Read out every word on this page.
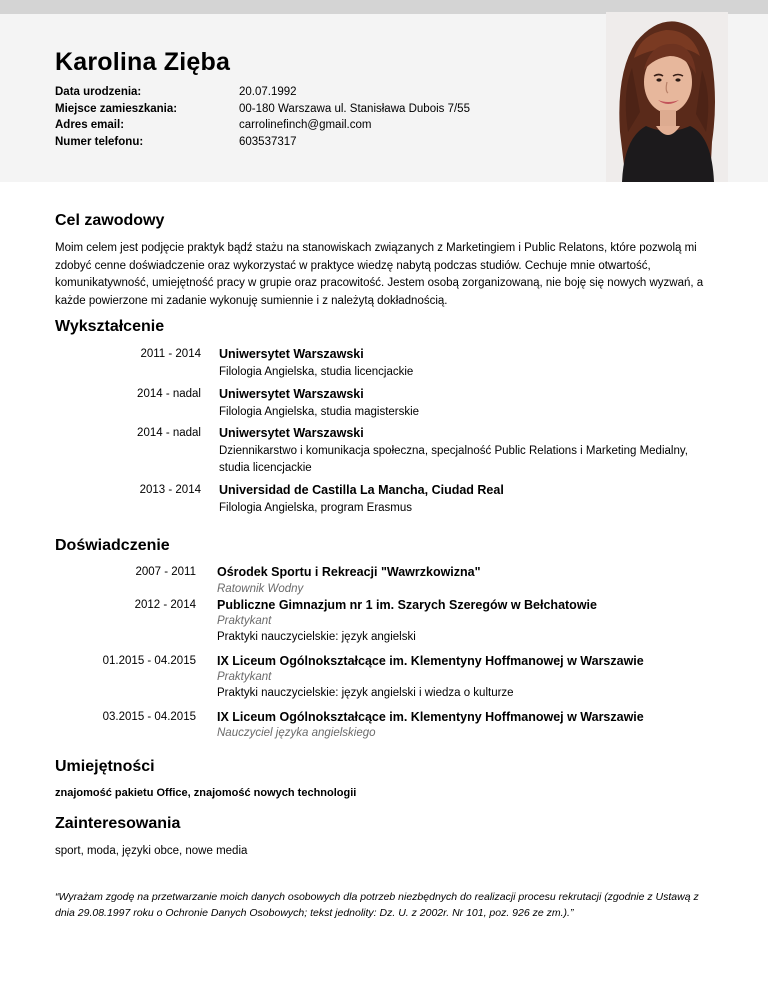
Karolina Zięba
Data urodzenia:
Miejsce zamieszkania:
Adres email:
Numer telefonu:
20.07.1992
00-180 Warszawa ul. Stanisława Dubois 7/55
carrolinefinch@gmail.com
603537317
Cel zawodowy
Moim celem jest podjęcie praktyk bądź stażu na stanowiskach związanych z Marketingiem i Public Relatons, które pozwolą mi zdobyć cenne doświadczenie oraz wykorzystać w praktyce wiedzę nabytą podczas studiów. Cechuje mnie otwartość, komunikatywność, umiejętność pracy w grupie oraz pracowitość. Jestem osobą zorganizowaną, nie boję się nowych wyzwań, a każde powierzone mi zadanie wykonuję sumiennie i z należytą dokładnością.
Wykształcenie
2011 - 2014 Uniwersytet Warszawski
Filologia Angielska, studia licencjackie
2014 - nadal Uniwersytet Warszawski
Filologia Angielska, studia magisterskie
2014 - nadal Uniwersytet Warszawski
Dziennikarstwo i komunikacja społeczna, specjalność Public Relations i Marketing Medialny, studia licencjackie
2013 - 2014 Universidad de Castilla La Mancha, Ciudad Real
Filologia Angielska, program Erasmus
Doświadczenie
2007 - 2011 Ośrodek Sportu i Rekreacji "Wawrzkowizna"
Ratownik Wodny
2012 - 2014 Publiczne Gimnazjum nr 1 im. Szarych Szeregów w Bełchatowie
Praktykant
Praktyki nauczycielskie: język angielski
01.2015 - 04.2015 IX Liceum Ogólnokształcące im. Klementyny Hoffmanowej w Warszawie
Praktykant
Praktyki nauczycielskie: język angielski i wiedza o kulturze
03.2015 - 04.2015 IX Liceum Ogólnokształcące im. Klementyny Hoffmanowej w Warszawie
Nauczyciel języka angielskiego
Umiejętności
znajomość pakietu Office, znajomość nowych technologii
Zainteresowania
sport, moda, języki obce, nowe media
“Wyrażam zgodę na przetwarzanie moich danych osobowych dla potrzeb niezbędnych do realizacji procesu rekrutacji (zgodnie z Ustawą z dnia 29.08.1997 roku o Ochronie Danych Osobowych; tekst jednolity: Dz. U. z 2002r. Nr 101, poz. 926 ze zm.).”
